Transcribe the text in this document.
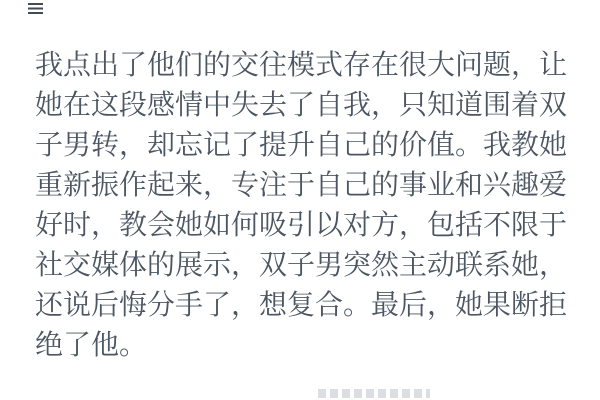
我点出了他们的交往模式存在很大问题，让
她在这段感情中失去了自我，只知道围着双
子男转，却忘记了提升自己的价值。我教她
重新振作起来，专注于自己的事业和兴趣爱
好时，教会她如何吸引以对方，包括不限于
社交媒体的展示，双子男突然主动联系她，
还说后悔分手了，想复合。最后，她果断拒
绝了他。
